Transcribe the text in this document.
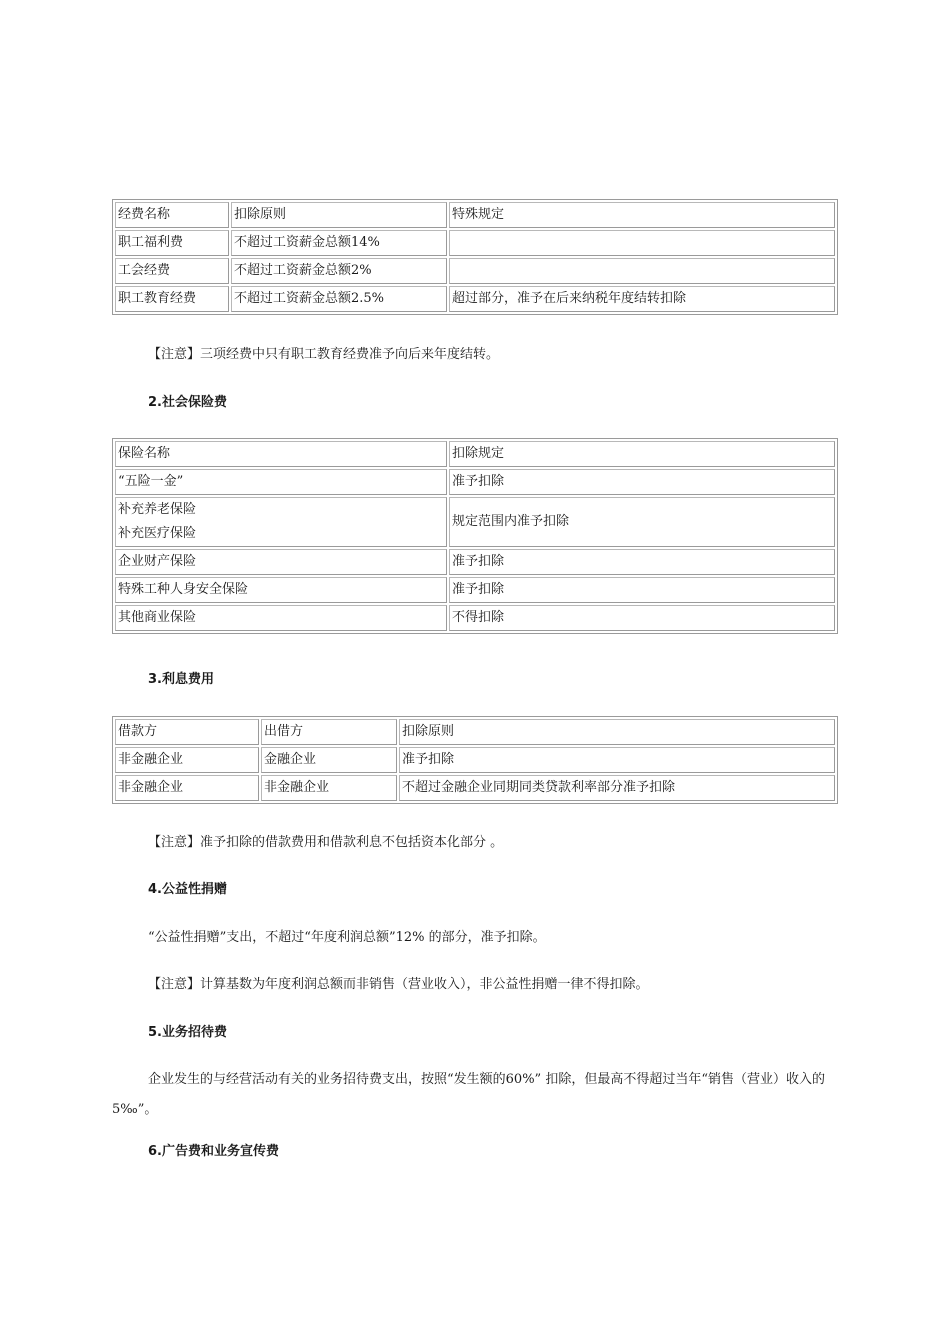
经费名称	扣除原则	特殊规定
职工福利费	不超过工资薪金总额14%	
工会经费	不超过工资薪金总额2%	
职工教育经费	不超过工资薪金总额2.5%	超过部分，准予在后来纳税年度结转扣除
【注意】三项经费中只有职工教育经费准予向后来年度结转。
2.社会保险费
保险名称	扣除规定
“五险一金”	准予扣除

补充养老保险
补充医疗保险	规定范围内准予扣除
企业财产保险	准予扣除
特殊工种人身安全保险	准予扣除
其他商业保险	不得扣除
3.利息费用
借款方	出借方	扣除原则
非金融企业	金融企业	准予扣除
非金融企业	非金融企业	不超过金融企业同期同类贷款利率部分准予扣除
【注意】准予扣除的借款费用和借款利息不包括资本化部分 。
4.公益性捐赠
“公益性捐赠”支出，不超过“年度利润总额”12% 的部分，准予扣除。
【注意】计算基数为年度利润总额而非销售（营业收入），非公益性捐赠一律不得扣除。
5.业务招待费
企业发生的与经营活动有关的业务招待费支出，按照“发生额的60%” 扣除，但最高不得超过当年“销售（营业）收入的5‰”。
6.广告费和业务宣传费
